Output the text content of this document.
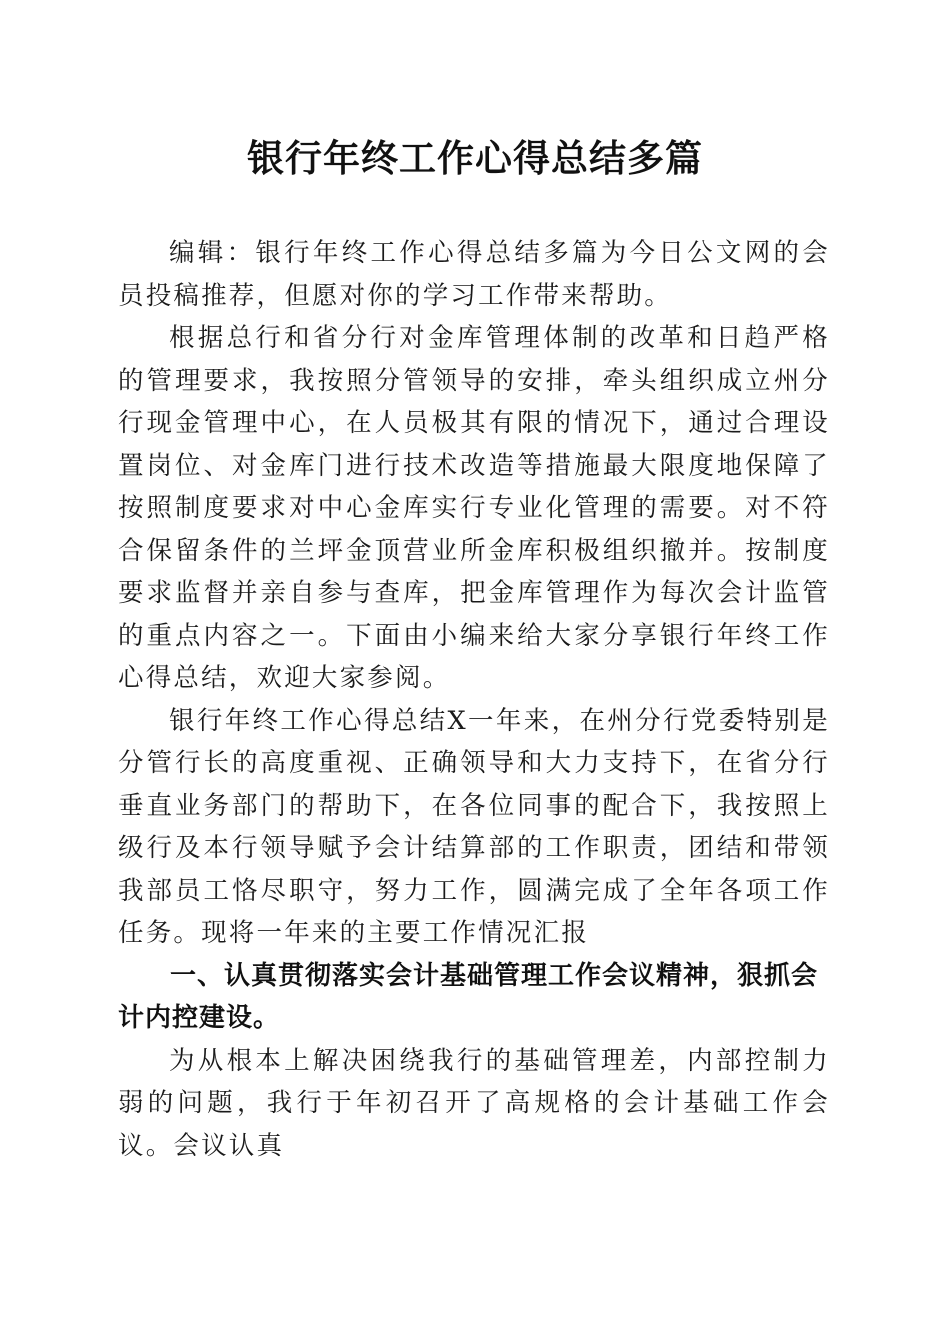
银行年终工作心得总结多篇

编辑：银行年终工作心得总结多篇为今日公文网的会员投稿推荐，但愿对你的学习工作带来帮助。

根据总行和省分行对金库管理体制的改革和日趋严格的管理要求，我按照分管领导的安排，牵头组织成立州分行现金管理中心，在人员极其有限的情况下，通过合理设置岗位、对金库门进行技术改造等措施最大限度地保障了按照制度要求对中心金库实行专业化管理的需要。对不符合保留条件的兰坪金顶营业所金库积极组织撤并。按制度要求监督并亲自参与查库，把金库管理作为每次会计监管的重点内容之一。下面由小编来给大家分享银行年终工作心得总结，欢迎大家参阅。

银行年终工作心得总结X一年来，在州分行党委特别是分管行长的高度重视、正确领导和大力支持下，在省分行垂直业务部门的帮助下，在各位同事的配合下，我按照上级行及本行领导赋予会计结算部的工作职责，团结和带领我部员工恪尽职守，努力工作，圆满完成了全年各项工作任务。现将一年来的主要工作情况汇报

一、认真贯彻落实会计基础管理工作会议精神，狠抓会计内控建设。

为从根本上解决困绕我行的基础管理差，内部控制力弱的问题，我行于年初召开了高规格的会计基础工作会议。会议认真
